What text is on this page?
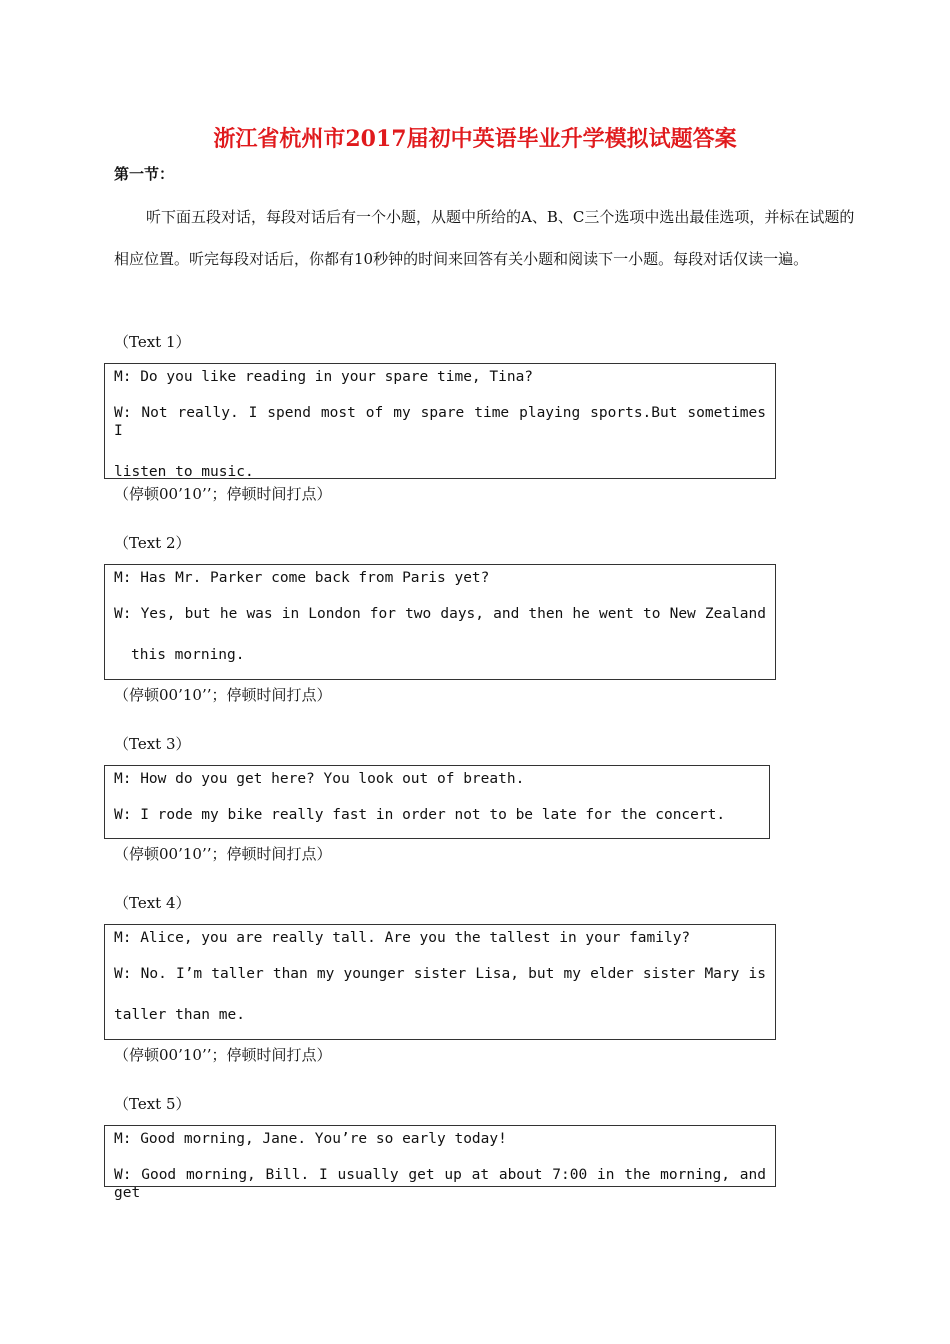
浙江省杭州市2017届初中英语毕业升学模拟试题答案
第一节：
听下面五段对话，每段对话后有一个小题，从题中所给的A、B、C三个选项中选出最佳选项，并标在试题的相应位置。听完每段对话后，你都有10秒钟的时间来回答有关小题和阅读下一小题。每段对话仅读一遍。
（Text 1）
M: Do you like reading in your spare time, Tina?
W: Not really. I spend most of my spare time playing sports.But sometimes I
listen to music.
（停顿00’10’’；停顿时间打点）
（Text 2）
M: Has Mr. Parker come back from Paris yet?
W: Yes, but he was in London for two days, and then he went to New Zealand
this morning.
（停顿00’10’’；停顿时间打点）
（Text 3）
M: How do you get here? You look out of breath.
W: I rode my bike really fast in order not to be late for the concert.
（停顿00’10’’；停顿时间打点）
（Text 4）
M: Alice, you are really tall. Are you the tallest in your family?
W: No. I’m taller than my younger sister Lisa, but my elder sister Mary is
taller than me.
（停顿00’10’’；停顿时间打点）
（Text 5）
M: Good morning, Jane. You’re so early today!
W: Good morning, Bill. I usually get up at about 7:00 in the morning, and get
